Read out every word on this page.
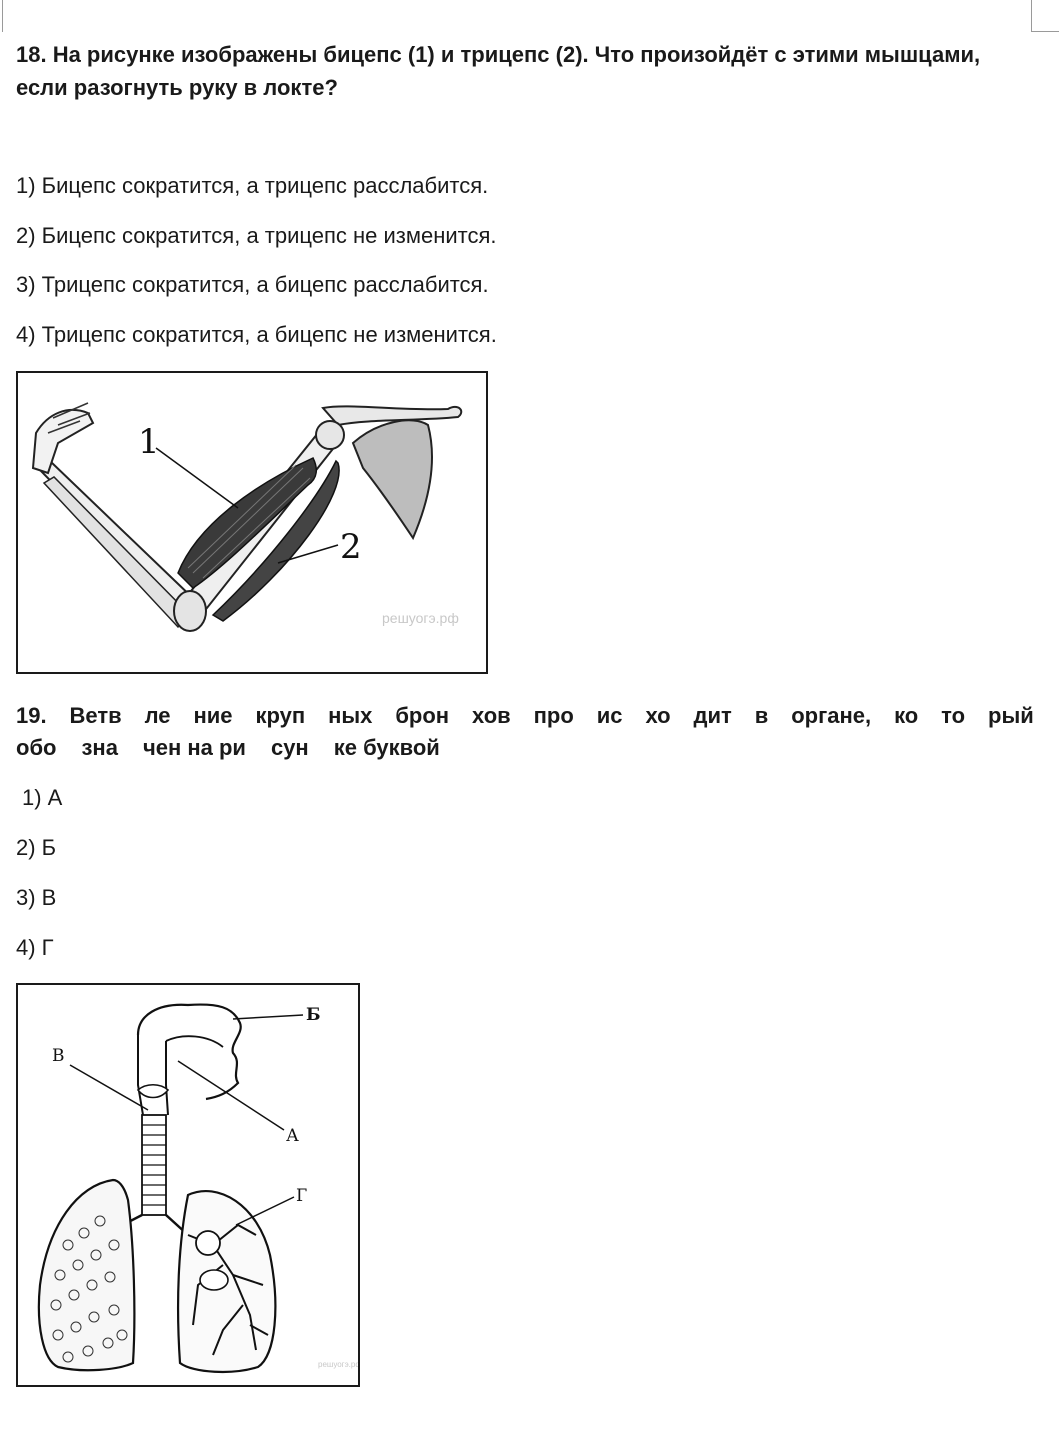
18. На рисунке изображены бицепс (1) и трицепс (2). Что произойдёт с этими мышцами,
если разогнуть руку в локте?
1) Бицепс сократится, а трицепс расслабится.
2) Бицепс сократится, а трицепс не изменится.
3) Трицепс сократится, а бицепс расслабится.
4) Трицепс сократится, а бицепс не изменится.
1
2
решуогэ.рф
19. Ветв ле ние круп ных брон хов про ис хо дит в органе, ко то рый
обо зна чен на ри сун ке буквой
1) А
2) Б
3) В
4) Г
Б
В
А
Г
решуогэ.рф
